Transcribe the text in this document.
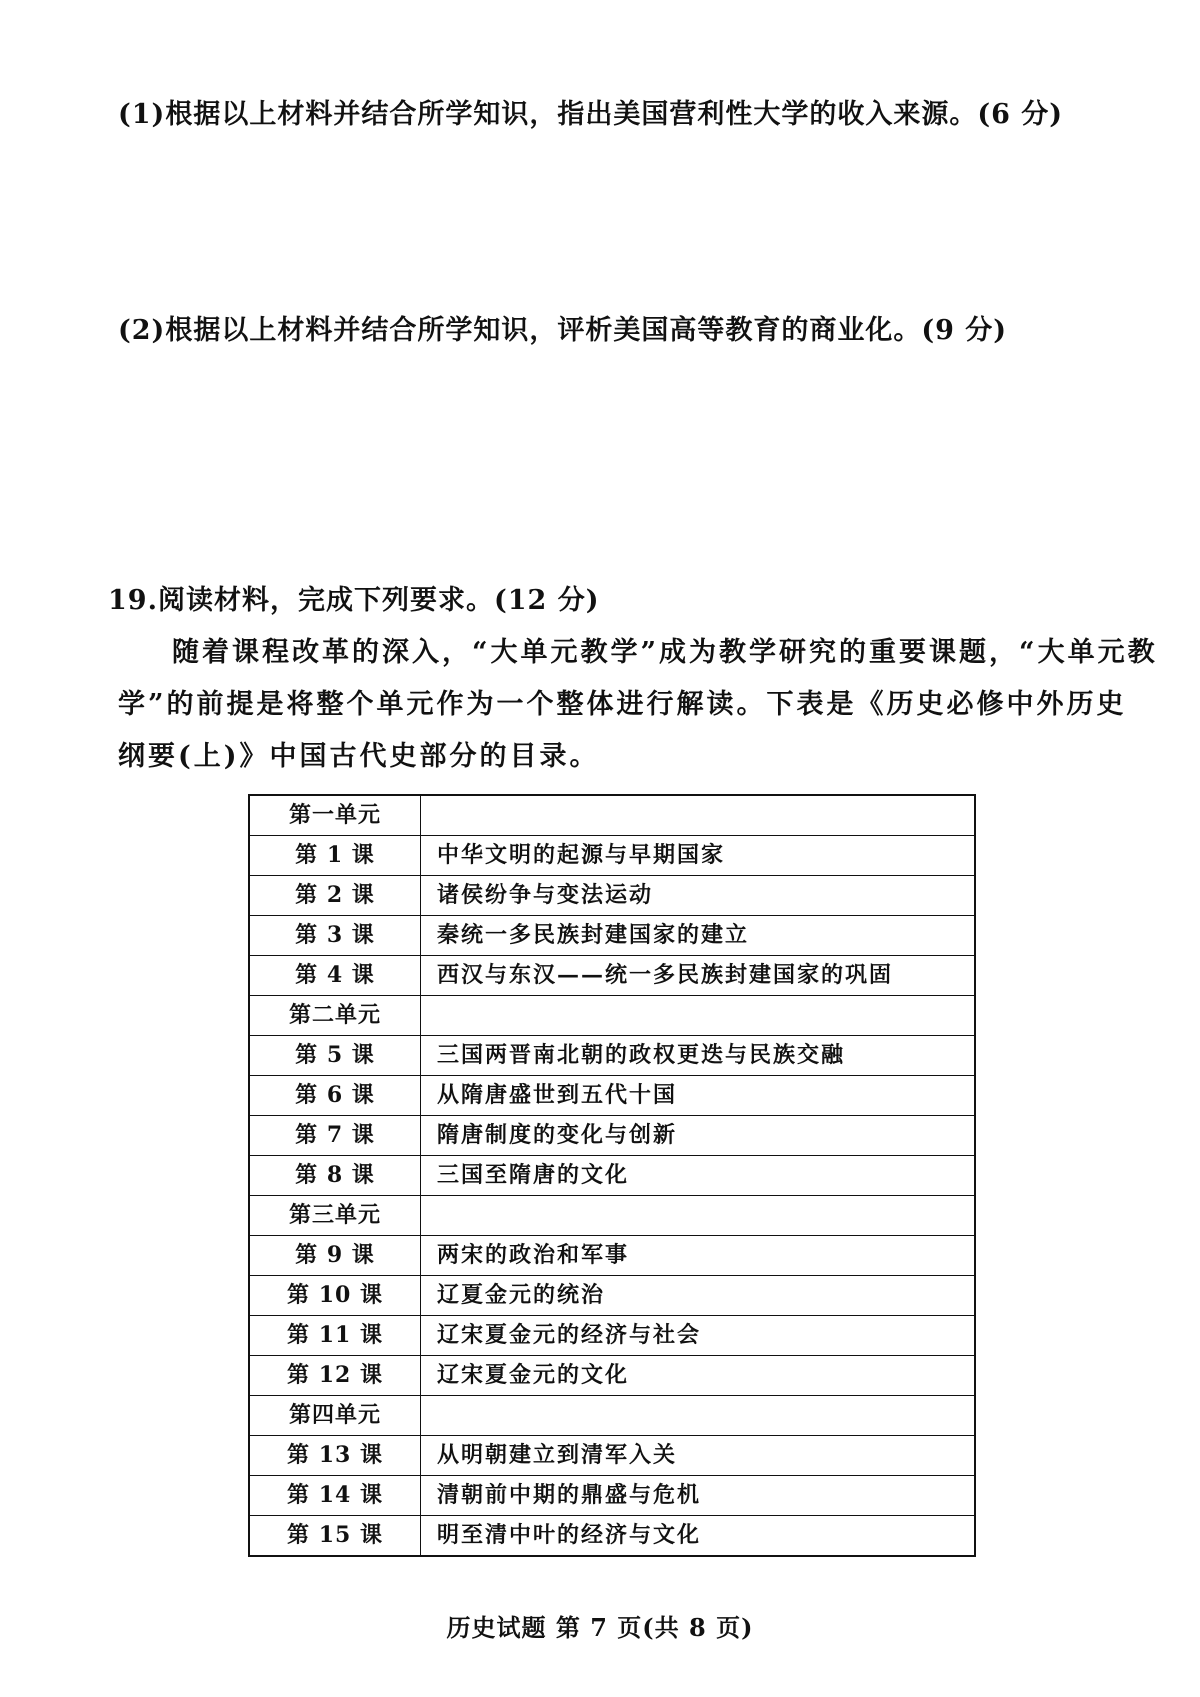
(1)根据以上材料并结合所学知识，指出美国营利性大学的收入来源。(6 分)

(2)根据以上材料并结合所学知识，评析美国高等教育的商业化。(9 分)

19.阅读材料，完成下列要求。(12 分)

随着课程改革的深入，“大单元教学”成为教学研究的重要课题，“大单元教

学”的前提是将整个单元作为一个整体进行解读。下表是《历史必修中外历史

纲要(上)》中国古代史部分的目录。

第一单元	
第 1 课	中华文明的起源与早期国家
第 2 课	诸侯纷争与变法运动
第 3 课	秦统一多民族封建国家的建立
第 4 课	西汉与东汉——统一多民族封建国家的巩固
第二单元	
第 5 课	三国两晋南北朝的政权更迭与民族交融
第 6 课	从隋唐盛世到五代十国
第 7 课	隋唐制度的变化与创新
第 8 课	三国至隋唐的文化
第三单元	
第 9 课	两宋的政治和军事
第 10 课	辽夏金元的统治
第 11 课	辽宋夏金元的经济与社会
第 12 课	辽宋夏金元的文化
第四单元	
第 13 课	从明朝建立到清军入关
第 14 课	清朝前中期的鼎盛与危机
第 15 课	明至清中叶的经济与文化
历史试题 第 7 页(共 8 页)
